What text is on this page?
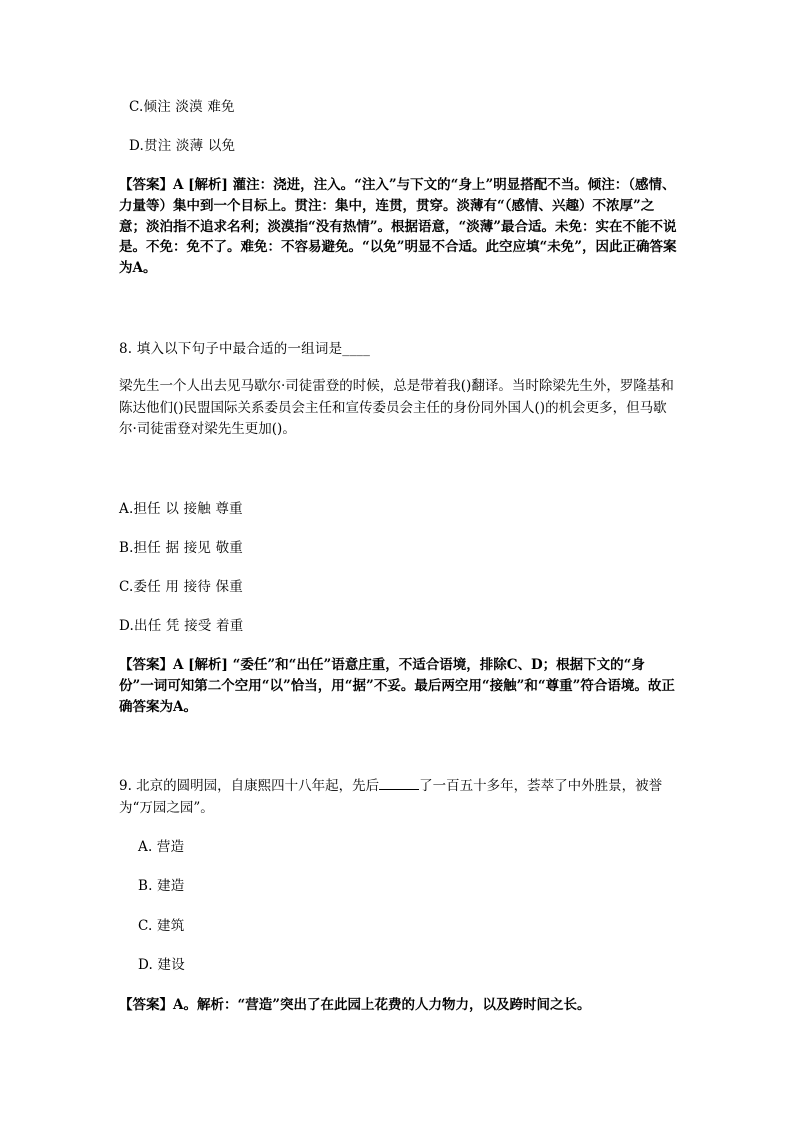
C.倾注 淡漠 难免
D.贯注 淡薄 以免
【答案】A [解析] 灌注：浇进，注入。“注入”与下文的“身上”明显搭配不当。倾注：（感情、力量等）集中到一个目标上。贯注：集中，连贯，贯穿。淡薄有“（感情、兴趣）不浓厚”之意；淡泊指不追求名利；淡漠指“没有热情”。根据语意，“淡薄”最合适。未免：实在不能不说是。不免：免不了。难免：不容易避免。“以免”明显不合适。此空应填“未免”，因此正确答案为A。
8. 填入以下句子中最合适的一组词是____
梁先生一个人出去见马歇尔·司徒雷登的时候，总是带着我()翻译。当时除梁先生外，罗隆基和陈达他们()民盟国际关系委员会主任和宣传委员会主任的身份同外国人()的机会更多，但马歇尔·司徒雷登对梁先生更加()。
A.担任 以 接触 尊重
B.担任 据 接见 敬重
C.委任 用 接待 保重
D.出任 凭 接受 着重
【答案】A [解析] “委任”和“出任”语意庄重，不适合语境，排除C、D；根据下文的“身份”一词可知第二个空用“以”恰当，用“据”不妥。最后两空用“接触”和“尊重”符合语境。故正确答案为A。
9. 北京的圆明园，自康熙四十八年起，先后	了一百五十多年，荟萃了中外胜景，被誉为“万园之园”。
A. 营造
B. 建造
C. 建筑
D. 建设
【答案】A。解析：“营造”突出了在此园上花费的人力物力，以及跨时间之长。
